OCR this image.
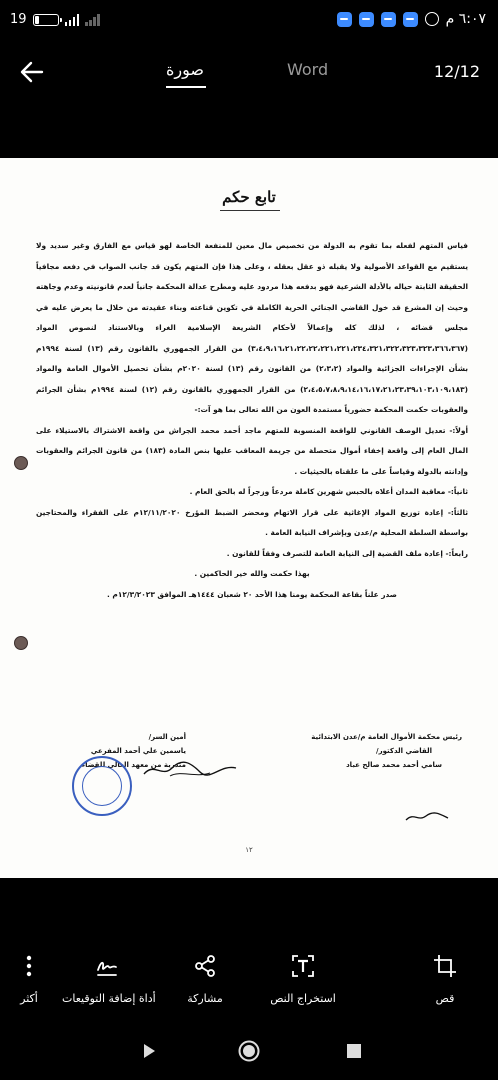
19	٦:٠٧ م
صورة	Word	12/12
تابع حكم

فياس المتهم لفعله بما تقوم به الدولة من تخصيص مال معين للمنفعة الخاصة لهو قياس مع الفارق وغير سديد ولا يستقيم مع القواعد الأصولية ولا يقبله ذو عقل بعقله ، وعلى هذا فإن المتهم يكون قد جانب الصواب في دفعه مجافياً الحقيقة الثابتة حياله بالأدلة الشرعية فهو بدفعه هذا مردود عليه ومطرح عدالة المحكمة جانباً لعدم قانونيته وعدم وجاهته وحيث إن المشرع قد خول القاضي الجنائي الحرية الكاملة في تكوين قناعته وبناء عقيدته من خلال ما يعرض عليه في مجلس قضائه ، لذلك كله وإعمالاً لأحكام الشريعة الإسلامية الغراء وبالاستناد لنصوص المواد (٣،٤،٩،١٦،٢١،٢٢،٢٢،٢٢١،٢٢١،٢٣٤،٣٢١،٣٢٢،٣٢٣،٣٢٣،٣٦٦،٣٦٧) من القرار الجمهوري بالقانون رقم (١٣) لسنة ١٩٩٤م بشأن الإجراءات الجزائية والمواد (٢،٣،٢) من القانون رقم (١٣) لسنة ٢٠٢٠م بشأن تحصيل الأموال العامة والمواد (٢،٤،٥،٧،٨،٩،١٤،١٦،١٧،٢١،٢٣،٣٩،١٠٣،١٠٩،١٨٣) من القرار الجمهوري بالقانون رقم (١٢) لسنة ١٩٩٤م بشأن الجرائم والعقوبات حكمت المحكمة حضورياً مستمدة العون من الله تعالى بما هو آت:-

أولاً:- تعديل الوصف القانوني للواقعة المنسوبة للمتهم ماجد أحمد محمد الجراش من واقعة الاشتراك بالاستيلاء على المال العام إلى واقعة إخفاء أموال متحصلة من جريمة المعاقب عليها بنص المادة (١٨٣) من قانون الجرائم والعقوبات وإدانته بالدولة وقياساً على ما علقناه بالحيثيات .

ثانياً:- معاقبة المدان أعلاه بالحبس شهرين كاملة مردعاً وزجراً له بالحق العام .

ثالثاً:- إعادة توزيع المواد الإغاثية على قرار الاتهام ومحضر الضبط المؤرخ ١٢/١١/٢٠٢٠م على الفقراء والمحتاجين بواسطة السلطة المحلية م/عدن وبإشراف النيابة العامة .

رابعاً:- إعادة ملف القضية إلى النيابة العامة للتصرف وفقاً للقانون .

بهذا حكمت والله خير الحاكمين .

صدر علناً بقاعة المحكمة يومنا هذا الأحد ٢٠ شعبان ١٤٤٤هـ الموافق ١٢/٣/٢٠٢٣م .

رئيس محكمة الأموال العامة م/عدن الابتدائية
القاضي الدكتور/
سامي أحمد محمد صالح عباد
أمين السر/
ياسمين علي أحمد المفرعي
متدربة من معهد العالي للقضاء
١٢
أكثر	أداة إضافة التوقيعات	مشاركة	استخراج النص	قص
